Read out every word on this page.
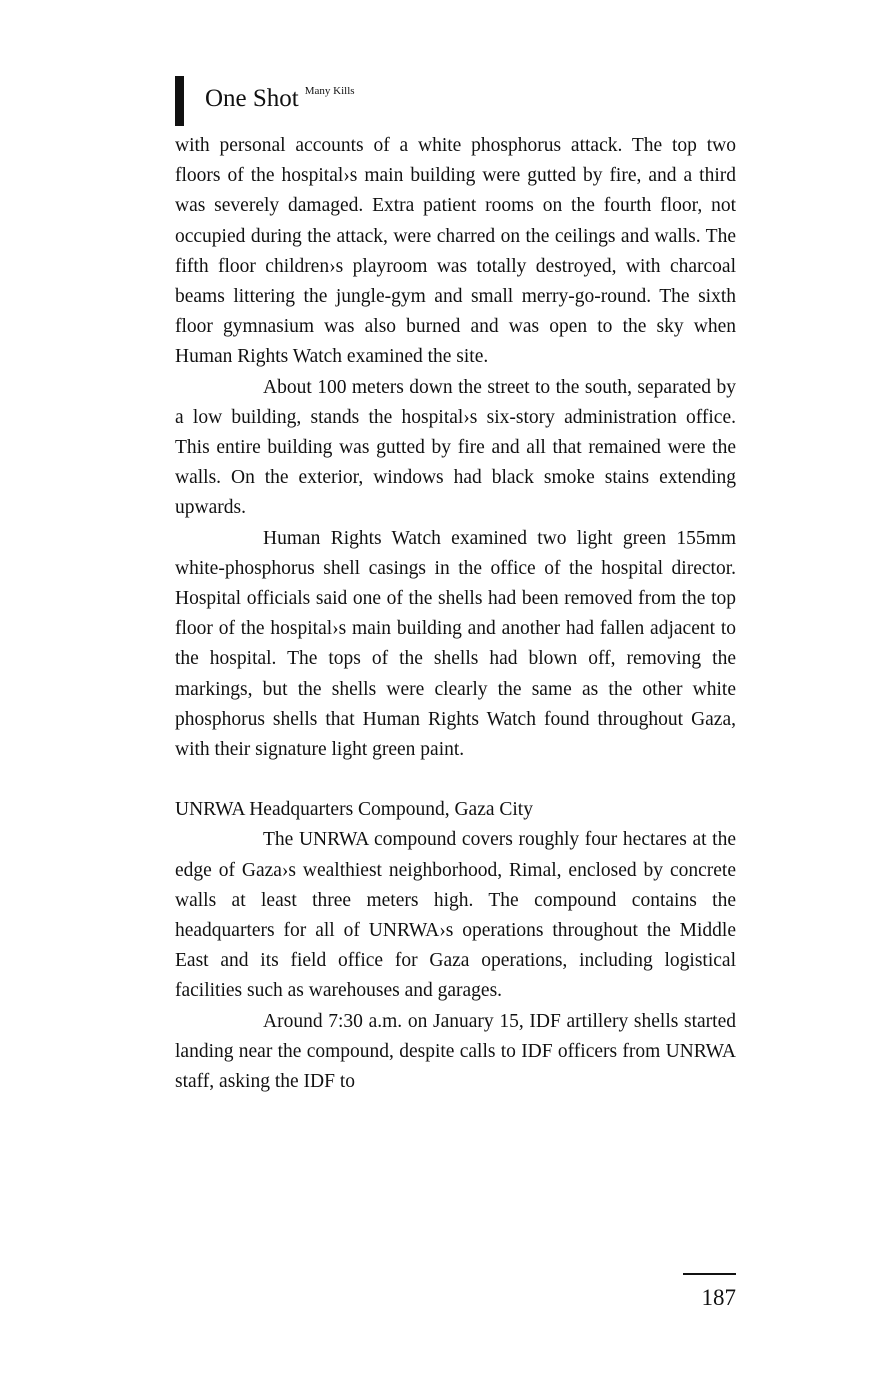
One Shot Many Kills

with personal accounts of a white phosphorus attack. The top two floors of the hospital›s main building were gutted by fire, and a third was severely damaged. Extra patient rooms on the fourth floor, not occupied during the attack, were charred on the ceilings and walls. The fifth floor children›s playroom was totally destroyed, with charcoal beams littering the jungle-gym and small merry-go-round. The sixth floor gymnasium was also burned and was open to the sky when Human Rights Watch examined the site.

About 100 meters down the street to the south, separated by a low building, stands the hospital›s six-story administration office. This entire building was gutted by fire and all that remained were the walls. On the exterior, windows had black smoke stains extending upwards.

Human Rights Watch examined two light green 155mm white-phosphorus shell casings in the office of the hospital director. Hospital officials said one of the shells had been removed from the top floor of the hospital›s main building and another had fallen adjacent to the hospital. The tops of the shells had blown off, removing the markings, but the shells were clearly the same as the other white phosphorus shells that Human Rights Watch found throughout Gaza, with their signature light green paint.

UNRWA Headquarters Compound, Gaza City

The UNRWA compound covers roughly four hectares at the edge of Gaza›s wealthiest neighborhood, Rimal, enclosed by concrete walls at least three meters high. The compound contains the headquarters for all of UNRWA›s operations throughout the Middle East and its field office for Gaza operations, including logistical facilities such as warehouses and garages.

Around 7:30 a.m. on January 15, IDF artillery shells started landing near the compound, despite calls to IDF officers from UNRWA staff, asking the IDF to

187
